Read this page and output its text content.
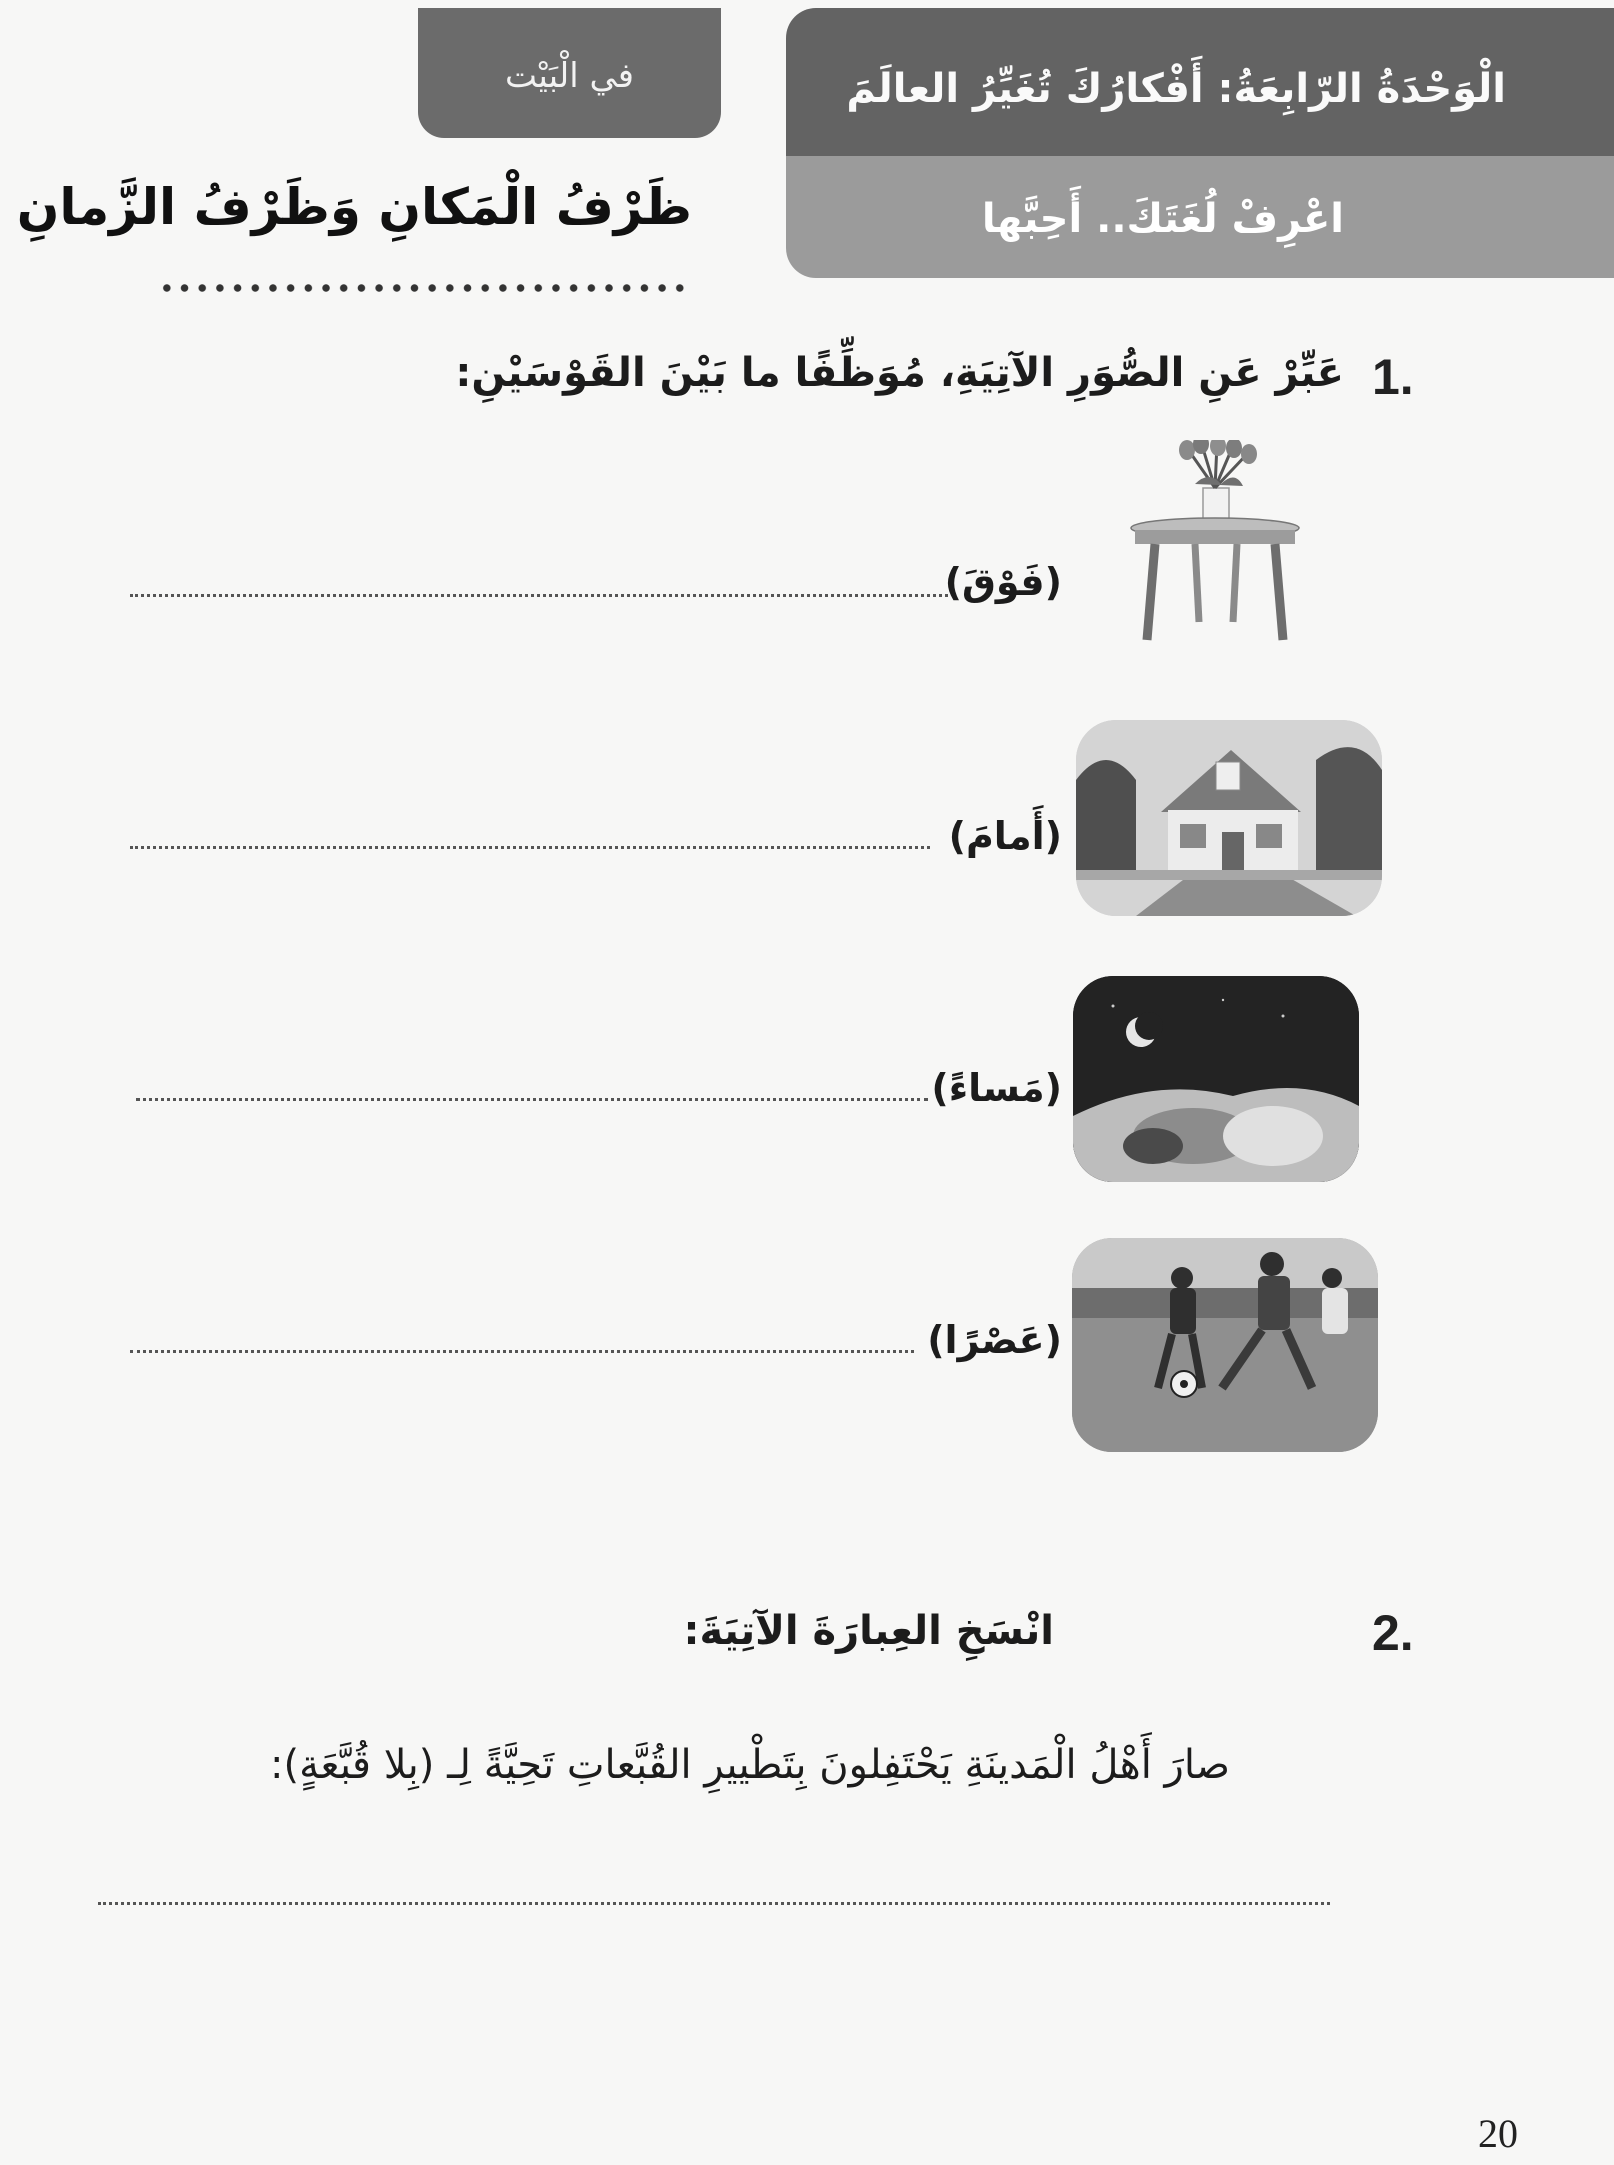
في الْبَيْت	الْوَحْدَةُ الرّابِعَةُ: أَفْكارُكَ تُغَيِّرُ العالَمَ
اعْرِفْ لُغَتَكَ.. أَحِبَّها
ظَرْفُ الْمَكانِ وَظَرْفُ الزَّمانِ
1.
عَبِّرْ عَنِ الصُّوَرِ الآتِيَةِ، مُوَظِّفًا ما بَيْنَ القَوْسَيْنِ:
(فَوْقَ)
(أَمامَ)
(مَساءً)
(عَصْرًا)
2.
انْسَخِ العِبارَةَ الآتِيَةَ:
صارَ أَهْلُ الْمَدينَةِ يَحْتَفِلونَ بِتَطْييرِ القُبَّعاتِ تَحِيَّةً لِـ (بِلا قُبَّعَةٍ):
20
